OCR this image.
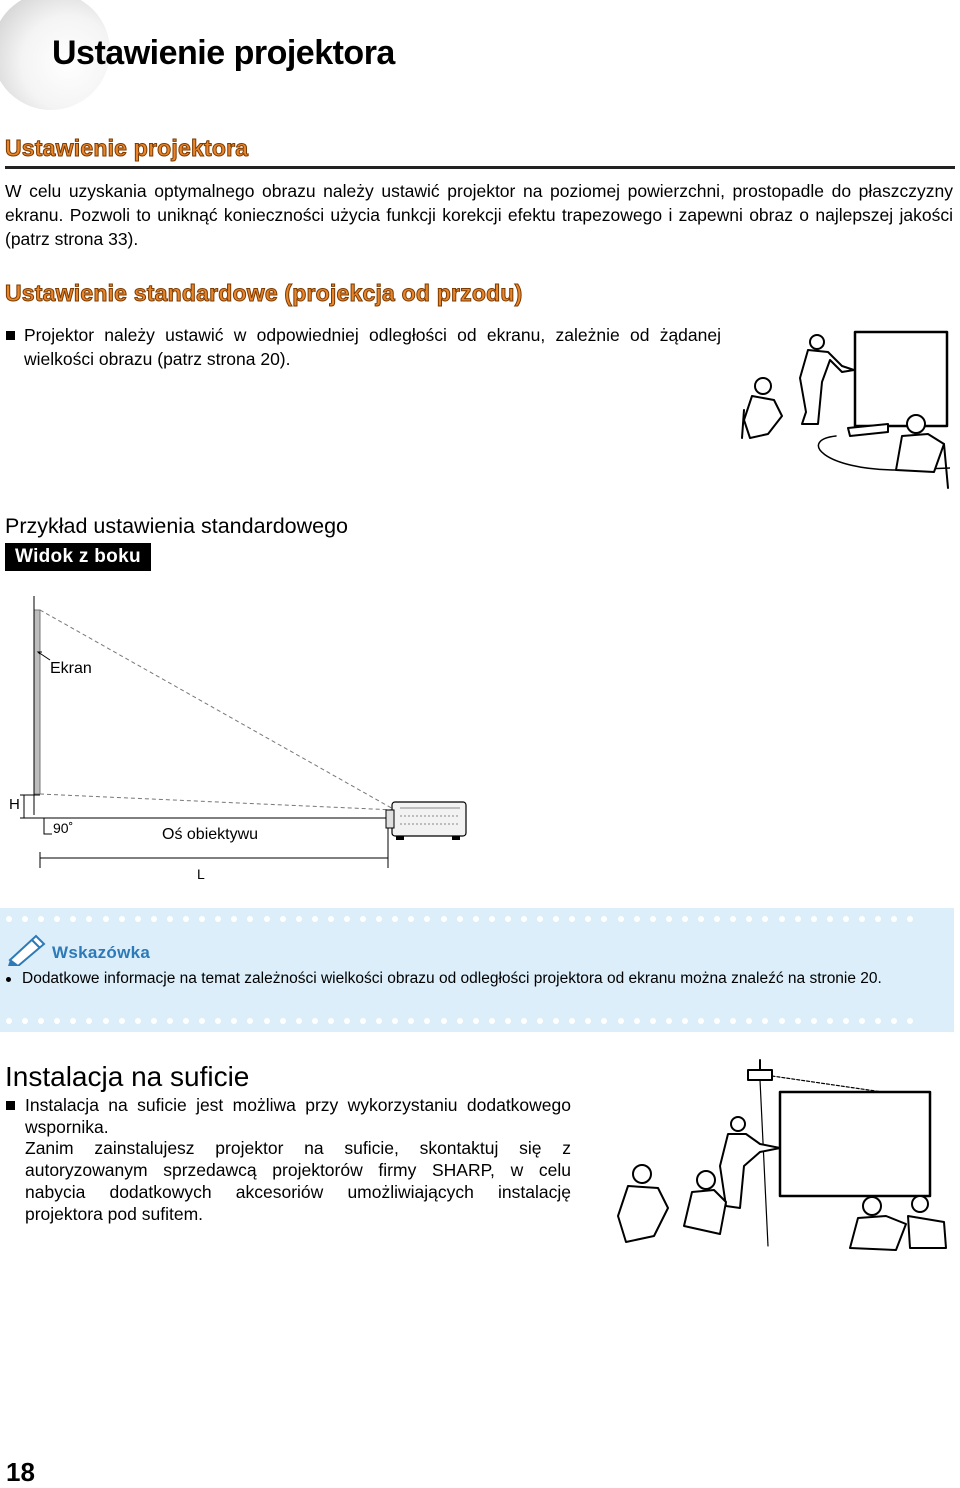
Ustawienie projektora
Ustawienie projektora
W celu uzyskania optymalnego obrazu należy ustawić projektor na poziomej powierzchni, prostopadle do płaszczyzny ekranu. Pozwoli to uniknąć konieczności użycia funkcji korekcji efektu trapezowego i zapewni obraz o najlepszej jakości (patrz strona 33).
Ustawienie standardowe (projekcja od przodu)
Projektor należy ustawić w odpowiedniej odległości od ekranu, zależnie od żądanej wielkości obrazu (patrz strona 20).
Przykład ustawienia standardowego
Widok z boku
Ekran
H
90˚	Oś obiektywu
L
Wskazówka
Dodatkowe informacje na temat zależności wielkości obrazu od odległości projektora od ekranu można znaleźć na stronie 20.
Instalacja na suficie
Instalacja na suficie jest możliwa przy wykorzystaniu dodatkowego wspornika.
Zanim zainstalujesz projektor na suficie, skontaktuj się z autoryzowanym sprzedawcą projektorów firmy SHARP, w celu nabycia dodatkowych akcesoriów umożliwiających instalację projektora pod sufitem.
18
